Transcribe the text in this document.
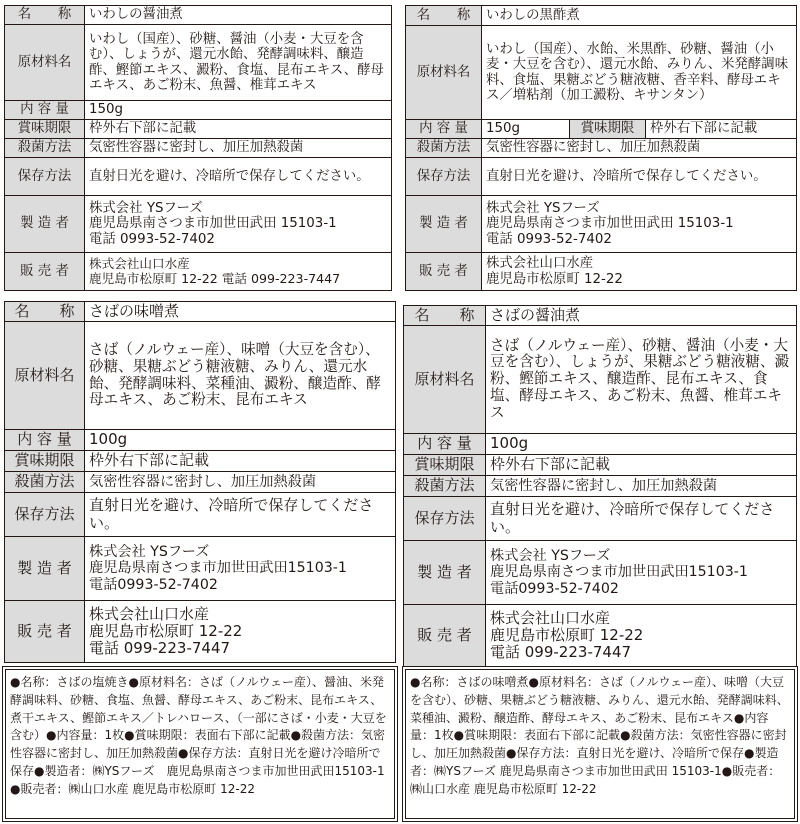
名　　称	いわしの醤油煮
原材料名	いわし（国産）、砂糖、醤油（小麦・大豆を含む）、しょうが、還元水飴、発酵調味料、醸造酢、鰹節エキス、澱粉、食塩、昆布エキス、酵母エキス、あご粉末、魚醤、椎茸エキス
内 容 量	150g
賞味期限	枠外右下部に記載
殺菌方法	気密性容器に密封し、加圧加熱殺菌
保存方法	直射日光を避け、冷暗所で保存してください。
製 造 者	株式会社 YSフーズ
鹿児島県南さつま市加世田武田 15103-1
電話 0993-52-7402

販 売 者	株式会社山口水産
鹿児島市松原町 12-22 電話 099-223-7447
名　　称	いわしの黒酢煮		
原材料名	いわし（国産）、水飴、米黒酢、砂糖、醤油（小麦・大豆を含む）、還元水飴、みりん、米発酵調味料、食塩、果糖ぶどう糖液糖、香辛料、酵母エキス／増粘剤（加工澱粉、キサンタン）		
内 容 量	150g	賞味期限	枠外右下部に記載
殺菌方法	気密性容器に密封し、加圧加熱殺菌		
保存方法	直射日光を避け、冷暗所で保存してください。		
製 造 者	株式会社 YSフーズ
鹿児島県南さつま市加世田武田 15103-1
電話 0993-52-7402		

販 売 者	株式会社山口水産
鹿児島市松原町 12-22		
名　　称	さばの味噌煮
原材料名	さば（ノルウェー産）、味噌（大豆を含む）、砂糖、果糖ぶどう糖液糖、みりん、還元水飴、発酵調味料、菜種油、澱粉、醸造酢、酵母エキス、あご粉末、昆布エキス
内 容 量	100g
賞味期限	枠外右下部に記載
殺菌方法	気密性容器に密封し、加圧加熱殺菌
保存方法	直射日光を避け、冷暗所で保存してください。
製 造 者	株式会社 YSフーズ
鹿児島県南さつま市加世田武田15103-1
電話0993-52-7402

販 売 者	株式会社山口水産
鹿児島市松原町 12-22
電話 099-223-7447
名　　称	さばの醤油煮
原材料名	さば（ノルウェー産）、砂糖、醤油（小麦・大豆を含む）、しょうが、果糖ぶどう糖液糖、澱粉、鰹節エキス、醸造酢、昆布エキス、食塩、酵母エキス、あご粉末、魚醤、椎茸エキス
内 容 量	100g
賞味期限	枠外右下部に記載
殺菌方法	気密性容器に密封し、加圧加熱殺菌
保存方法	直射日光を避け、冷暗所で保存してください。
製 造 者	株式会社 YSフーズ
鹿児島県南さつま市加世田武田15103-1
電話0993-52-7402

販 売 者	株式会社山口水産
鹿児島市松原町 12-22
電話 099-223-7447
●名称：さばの塩焼き●原材料名：さば（ノルウェー産）、醤油、米発酵調味料、砂糖、食塩、魚醤、酵母エキス、あご粉末、昆布エキス、煮干エキス、鰹節エキス／トレハロース、（一部にさば・小麦・大豆を含む）●内容量：1枚●賞味期限：表面右下部に記載●殺菌方法：気密性容器に密封し、加圧加熱殺菌●保存方法：直射日光を避け冷暗所で保存●製造者：㈱YSフーズ　鹿児島県南さつま市加世田武田15103-1●販売者：㈱山口水産 鹿児島市松原町 12-22
●名称：さばの味噌煮●原材料名：さば（ノルウェー産）、味噌（大豆を含む）、砂糖、果糖ぶどう糖液糖、みりん、還元水飴、発酵調味料、菜種油、澱粉、醸造酢、酵母エキス、あご粉末、昆布エキス●内容量：1枚●賞味期限：表面右下部に記載●殺菌方法：気密性容器に密封し、加圧加熱殺菌●保存方法：直射日光を避け、冷暗所で保存●製造者：㈱YSフーズ 鹿児島県南さつま市加世田武田 15103-1●販売者：㈱山口水産 鹿児島市松原町 12-22
